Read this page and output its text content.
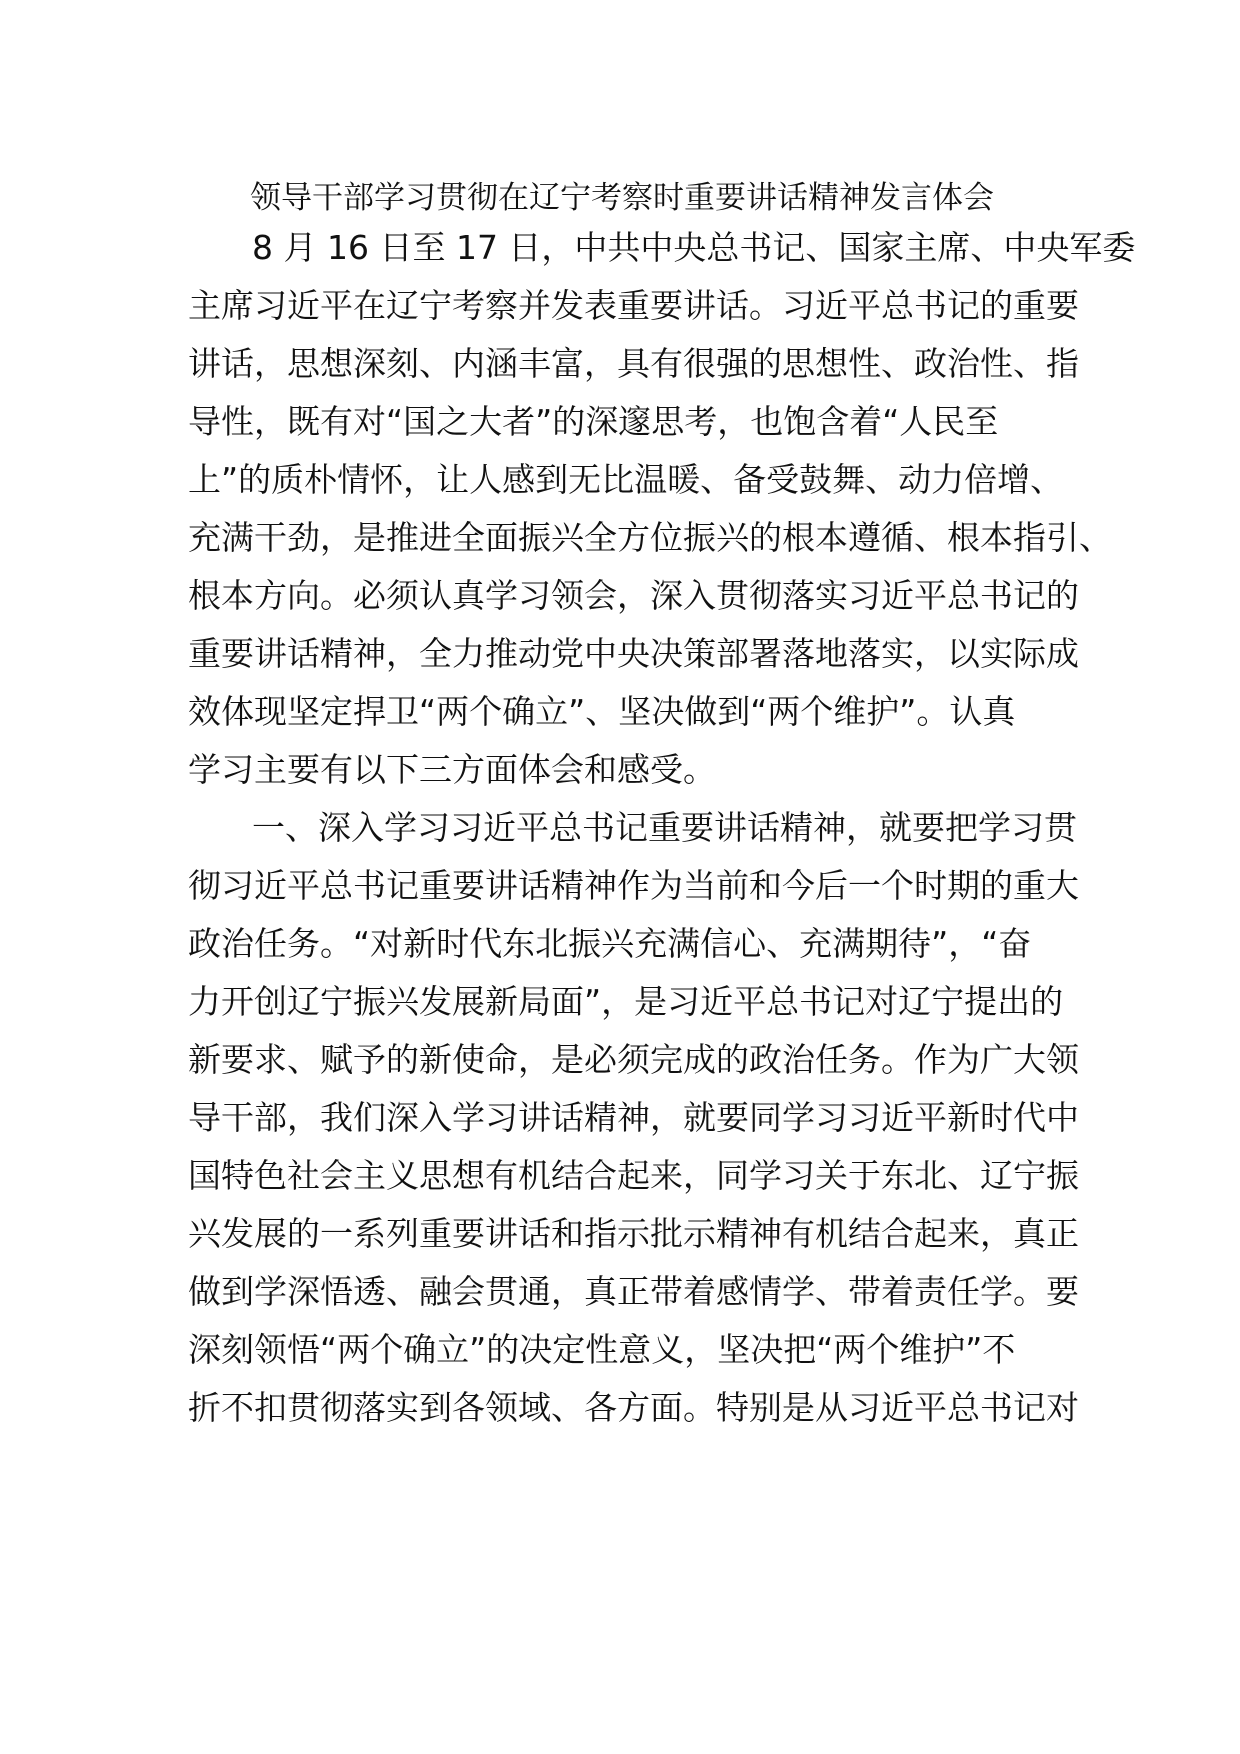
领导干部学习贯彻在辽宁考察时重要讲话精神发言体会

8 月 16 日至 17 日，中共中央总书记、国家主席、中央军委

主席习近平在辽宁考察并发表重要讲话。习近平总书记的重要

讲话，思想深刻、内涵丰富，具有很强的思想性、政治性、指

导性，既有对“国之大者”的深邃思考，也饱含着“人民至

上”的质朴情怀，让人感到无比温暖、备受鼓舞、动力倍增、

充满干劲，是推进全面振兴全方位振兴的根本遵循、根本指引、

根本方向。必须认真学习领会，深入贯彻落实习近平总书记的

重要讲话精神，全力推动党中央决策部署落地落实，以实际成

效体现坚定捍卫“两个确立”、坚决做到“两个维护”。认真

学习主要有以下三方面体会和感受。

一、深入学习习近平总书记重要讲话精神，就要把学习贯

彻习近平总书记重要讲话精神作为当前和今后一个时期的重大

政治任务。“对新时代东北振兴充满信心、充满期待”，“奋

力开创辽宁振兴发展新局面”，是习近平总书记对辽宁提出的

新要求、赋予的新使命，是必须完成的政治任务。作为广大领

导干部，我们深入学习讲话精神，就要同学习习近平新时代中

国特色社会主义思想有机结合起来，同学习关于东北、辽宁振

兴发展的一系列重要讲话和指示批示精神有机结合起来，真正

做到学深悟透、融会贯通，真正带着感情学、带着责任学。要

深刻领悟“两个确立”的决定性意义，坚决把“两个维护”不

折不扣贯彻落实到各领域、各方面。特别是从习近平总书记对
